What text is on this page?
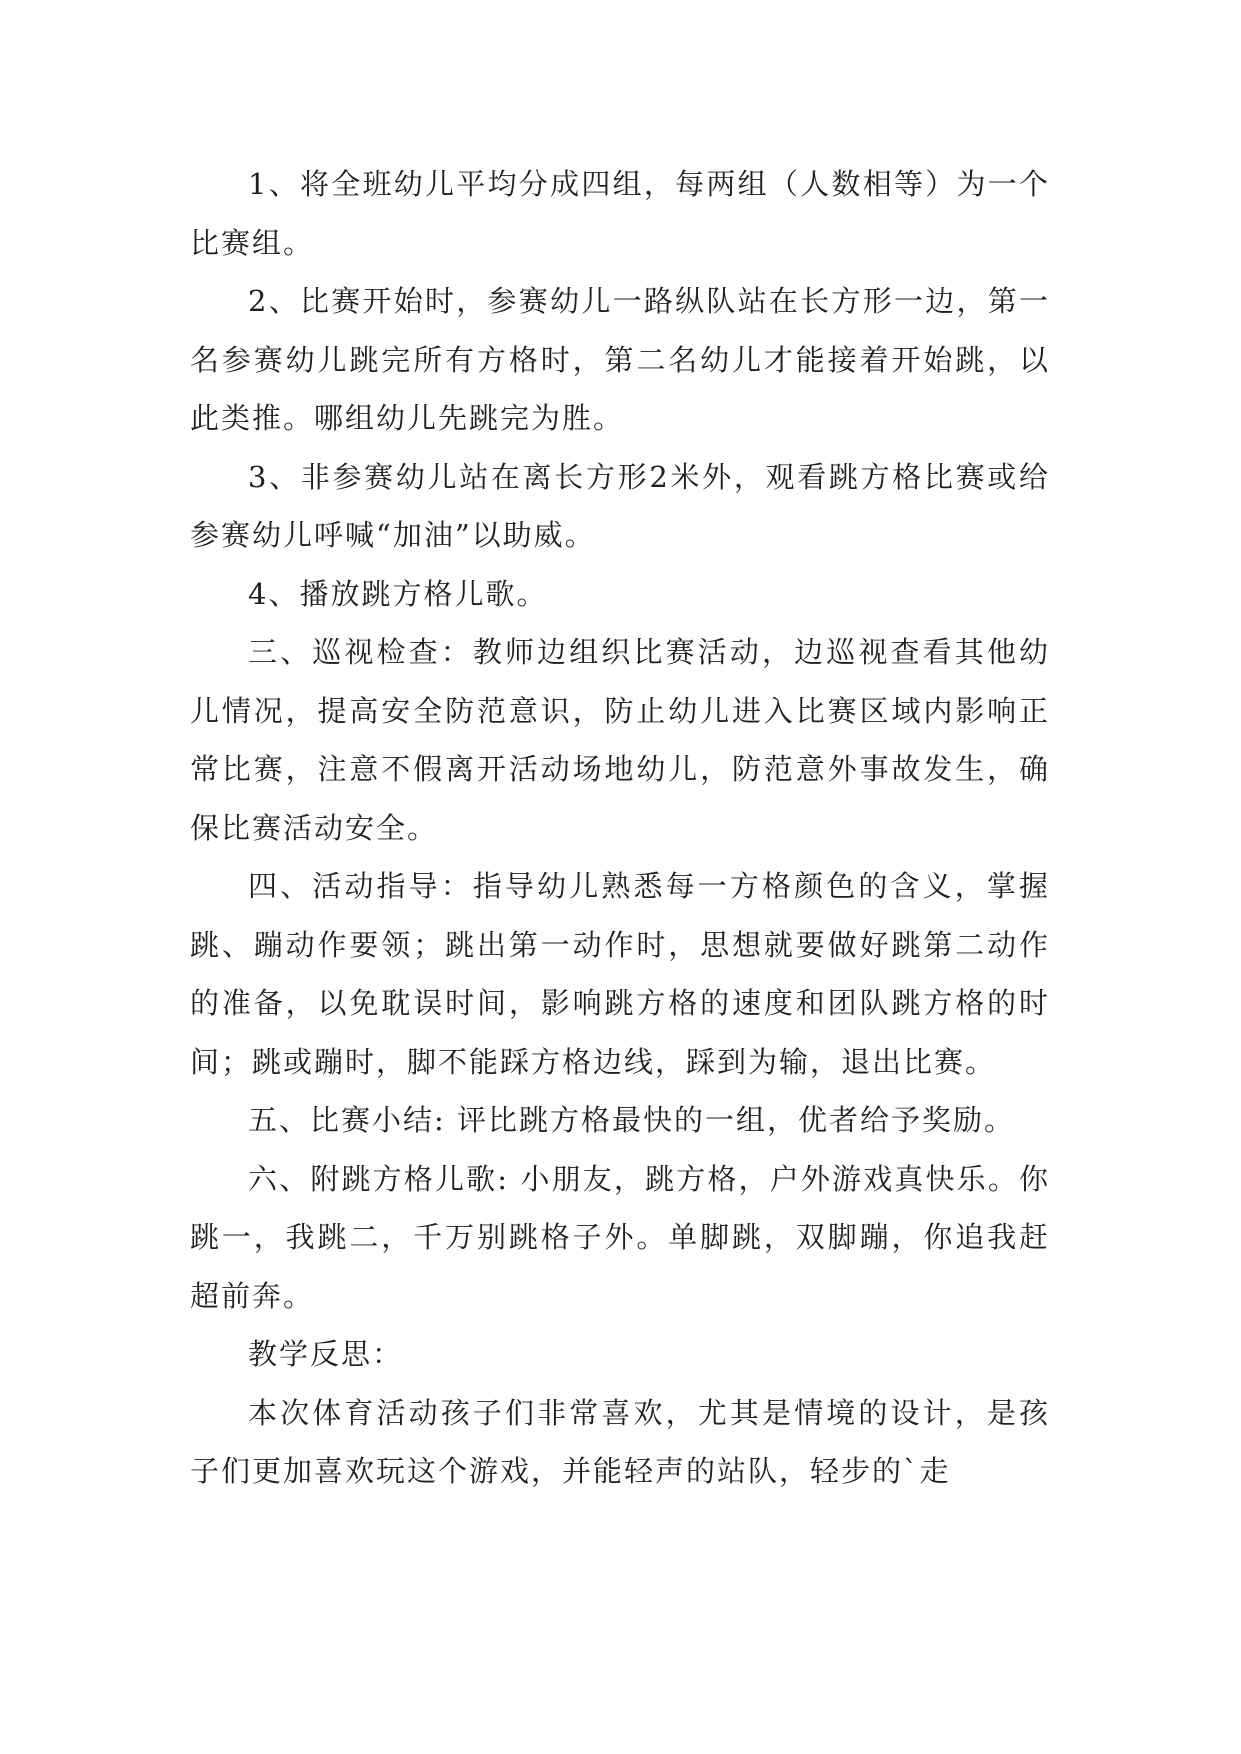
1、将全班幼儿平均分成四组，每两组（人数相等）为一个比赛组。

2、比赛开始时，参赛幼儿一路纵队站在长方形一边，第一名参赛幼儿跳完所有方格时，第二名幼儿才能接着开始跳，以此类推。哪组幼儿先跳完为胜。

3、非参赛幼儿站在离长方形2米外，观看跳方格比赛或给参赛幼儿呼喊“加油”以助威。

4、播放跳方格儿歌。

三、巡视检查：教师边组织比赛活动，边巡视查看其他幼儿情况，提高安全防范意识，防止幼儿进入比赛区域内影响正常比赛，注意不假离开活动场地幼儿，防范意外事故发生，确保比赛活动安全。

四、活动指导：指导幼儿熟悉每一方格颜色的含义，掌握跳、蹦动作要领；跳出第一动作时，思想就要做好跳第二动作的准备，以免耽误时间，影响跳方格的速度和团队跳方格的时间；跳或蹦时，脚不能踩方格边线，踩到为输，退出比赛。

五、比赛小结: 评比跳方格最快的一组，优者给予奖励。

六、附跳方格儿歌: 小朋友，跳方格，户外游戏真快乐。你跳一，我跳二，千万别跳格子外。单脚跳，双脚蹦，你追我赶超前奔。

教学反思：

本次体育活动孩子们非常喜欢，尤其是情境的设计，是孩子们更加喜欢玩这个游戏，并能轻声的站队，轻步的`走
